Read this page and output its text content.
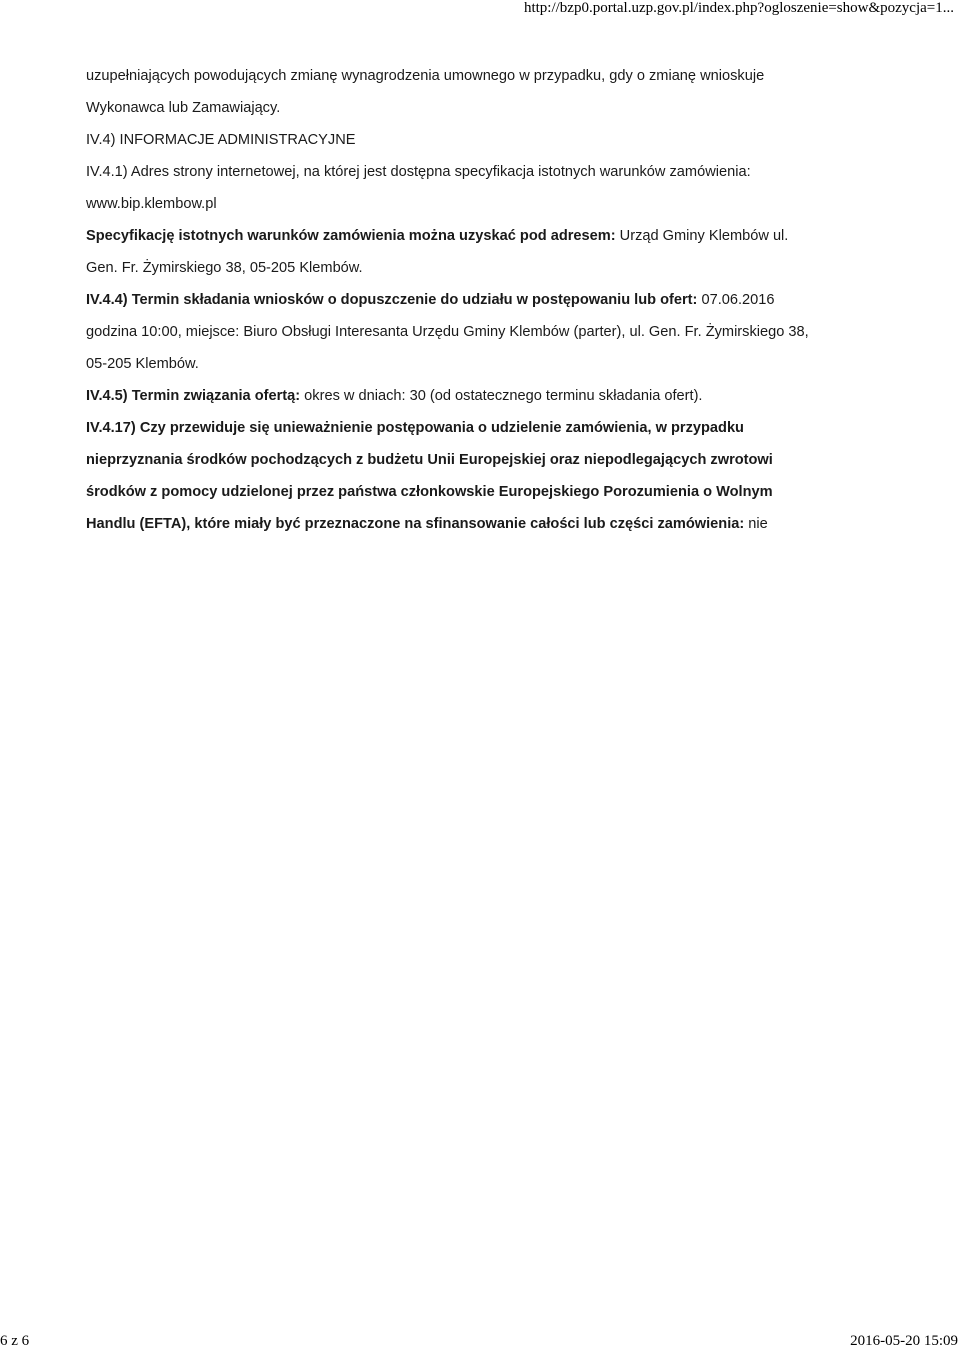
http://bzp0.portal.uzp.gov.pl/index.php?ogloszenie=show&pozycja=1...
uzupełniających powodujących zmianę wynagrodzenia umownego w przypadku, gdy o zmianę wnioskuje
Wykonawca lub Zamawiający.
IV.4) INFORMACJE ADMINISTRACYJNE
IV.4.1) Adres strony internetowej, na której jest dostępna specyfikacja istotnych warunków zamówienia:
www.bip.klembow.pl
Specyfikację istotnych warunków zamówienia można uzyskać pod adresem: Urząd Gminy Klembów ul.
Gen. Fr. Żymirskiego 38, 05-205 Klembów.
IV.4.4) Termin składania wniosków o dopuszczenie do udziału w postępowaniu lub ofert: 07.06.2016
godzina 10:00, miejsce: Biuro Obsługi Interesanta Urzędu Gminy Klembów (parter), ul. Gen. Fr. Żymirskiego 38,
05-205 Klembów.
IV.4.5) Termin związania ofertą: okres w dniach: 30 (od ostatecznego terminu składania ofert).
IV.4.17) Czy przewiduje się unieważnienie postępowania o udzielenie zamówienia, w przypadku
nieprzyznania środków pochodzących z budżetu Unii Europejskiej oraz niepodlegających zwrotowi
środków z pomocy udzielonej przez państwa członkowskie Europejskiego Porozumienia o Wolnym
Handlu (EFTA), które miały być przeznaczone na sfinansowanie całości lub części zamówienia: nie
6 z 6	2016-05-20 15:09
